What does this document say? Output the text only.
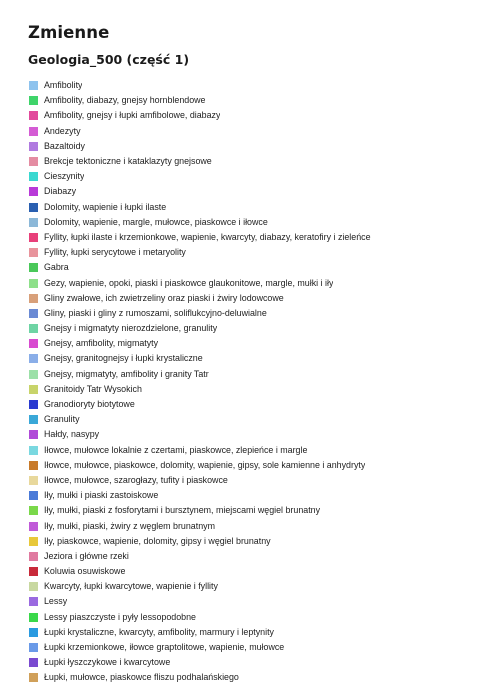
Zmienne
Geologia_500 (część 1)
Amfibolity
Amfibolity, diabazy, gnejsy hornblendowe
Amfibolity, gnejsy i łupki amfibolowe, diabazy
Andezyty
Bazaltoidy
Brekcje tektoniczne i kataklazyty gnejsowe
Cieszynity
Diabazy
Dolomity, wapienie i łupki ilaste
Dolomity, wapienie, margle, mułowce, piaskowce i iłowce
Fyllity, łupki ilaste i krzemionkowe, wapienie, kwarcyty, diabazy, keratofiry i zieleńce
Fyllity, łupki serycytowe i metaryolity
Gabra
Gezy, wapienie, opoki, piaski i piaskowce glaukonitowe, margle, mułki i iły
Gliny zwałowe, ich zwietrzeliny oraz piaski i żwiry lodowcowe
Gliny, piaski i gliny z rumoszami, soliflukcyjno-deluwialne
Gnejsy i migmatyty nierozdzielone, granulity
Gnejsy, amfibolity, migmatyty
Gnejsy, granitognejsy i łupki krystaliczne
Gnejsy, migmatyty, amfibolity i granity Tatr
Granitoidy Tatr Wysokich
Granodioryty biotytowe
Granulity
Hałdy, nasypy
Iłowce, mułowce lokalnie z czertami, piaskowce, zlepieńce i margle
Iłowce, mułowce, piaskowce, dolomity, wapienie, gipsy, sole kamienne i anhydryty
Iłowce, mułowce, szarogłazy, tufity i piaskowce
Iły, mułki i piaski zastoiskowe
Iły, mułki, piaski z fosforytami i bursztynem, miejscami węgiel brunatny
Iły, mułki, piaski, żwiry z węglem brunatnym
Iły, piaskowce, wapienie, dolomity, gipsy i węgiel brunatny
Jeziora i główne rzeki
Koluwia osuwiskowe
Kwarcyty, łupki kwarcytowe, wapienie i fyllity
Lessy
Lessy piaszczyste i pyły lessopodobne
Łupki krystaliczne, kwarcyty, amfibolity, marmury i leptynity
Łupki krzemionkowe, iłowce graptolitowe, wapienie, mułowce
Łupki łyszczykowe i kwarcytowe
Łupki, mułowce, piaskowce fliszu podhalańskiego
